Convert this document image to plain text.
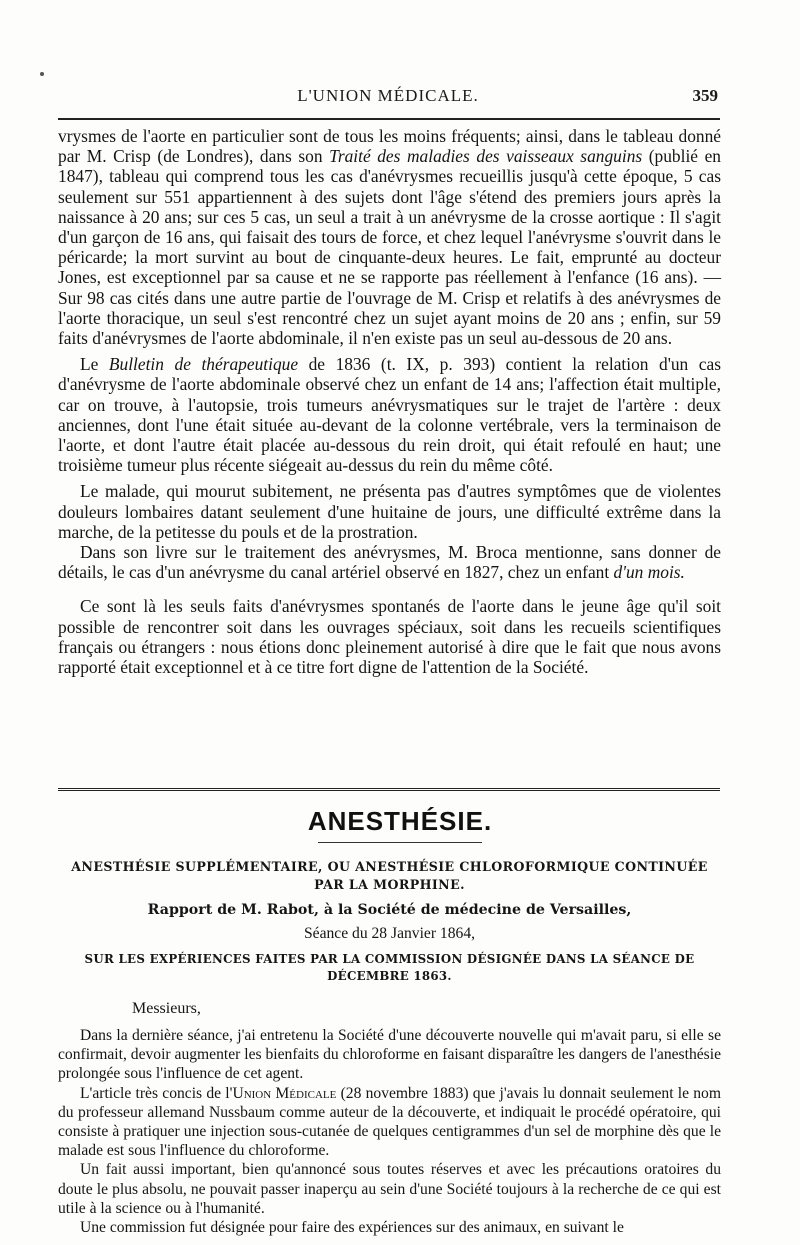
L'UNION MÉDICALE.	359

vrysmes de l'aorte en particulier sont de tous les moins fréquents; ainsi, dans le tableau donné par M. Crisp (de Londres), dans son Traité des maladies des vaisseaux sanguins (publié en 1847), tableau qui comprend tous les cas d'anévrysmes recueillis jusqu'à cette époque, 5 cas seulement sur 551 appartiennent à des sujets dont l'âge s'étend des premiers jours après la naissance à 20 ans; sur ces 5 cas, un seul a trait à un anévrysme de la crosse aortique : Il s'agit d'un garçon de 16 ans, qui faisait des tours de force, et chez lequel l'anévrysme s'ouvrit dans le péricarde; la mort survint au bout de cinquante-deux heures. Le fait, emprunté au docteur Jones, est exceptionnel par sa cause et ne se rapporte pas réellement à l'enfance (16 ans). — Sur 98 cas cités dans une autre partie de l'ouvrage de M. Crisp et relatifs à des anévrysmes de l'aorte thoracique, un seul s'est rencontré chez un sujet ayant moins de 20 ans ; enfin, sur 59 faits d'anévrysmes de l'aorte abdominale, il n'en existe pas un seul au-dessous de 20 ans.

Le Bulletin de thérapeutique de 1836 (t. IX, p. 393) contient la relation d'un cas d'anévrysme de l'aorte abdominale observé chez un enfant de 14 ans; l'affection était multiple, car on trouve, à l'autopsie, trois tumeurs anévrysmatiques sur le trajet de l'artère : deux anciennes, dont l'une était située au-devant de la colonne vertébrale, vers la terminaison de l'aorte, et dont l'autre était placée au-dessous du rein droit, qui était refoulé en haut; une troisième tumeur plus récente siégeait au-dessus du rein du même côté.

Le malade, qui mourut subitement, ne présenta pas d'autres symptômes que de violentes douleurs lombaires datant seulement d'une huitaine de jours, une difficulté extrême dans la marche, de la petitesse du pouls et de la prostration.

Dans son livre sur le traitement des anévrysmes, M. Broca mentionne, sans donner de détails, le cas d'un anévrysme du canal artériel observé en 1827, chez un enfant d'un mois.

Ce sont là les seuls faits d'anévrysmes spontanés de l'aorte dans le jeune âge qu'il soit possible de rencontrer soit dans les ouvrages spéciaux, soit dans les recueils scientifiques français ou étrangers : nous étions donc pleinement autorisé à dire que le fait que nous avons rapporté était exceptionnel et à ce titre fort digne de l'attention de la Société.

ANESTHÉSIE.

ANESTHÉSIE SUPPLÉMENTAIRE, OU ANESTHÉSIE CHLOROFORMIQUE CONTINUÉE PAR LA MORPHINE.

Rapport de M. Rabot, à la Société de médecine de Versailles,

Séance du 28 Janvier 1864,

SUR LES EXPÉRIENCES FAITES PAR LA COMMISSION DÉSIGNÉE DANS LA SÉANCE DE DÉCEMBRE 1863.

Messieurs,

Dans la dernière séance, j'ai entretenu la Société d'une découverte nouvelle qui m'avait paru, si elle se confirmait, devoir augmenter les bienfaits du chloroforme en faisant disparaître les dangers de l'anesthésie prolongée sous l'influence de cet agent.

L'article très concis de l'Union Médicale (28 novembre 1883) que j'avais lu donnait seulement le nom du professeur allemand Nussbaum comme auteur de la découverte, et indiquait le procédé opératoire, qui consiste à pratiquer une injection sous-cutanée de quelques centigrammes d'un sel de morphine dès que le malade est sous l'influence du chloroforme.

Un fait aussi important, bien qu'annoncé sous toutes réserves et avec les précautions oratoires du doute le plus absolu, ne pouvait passer inaperçu au sein d'une Société toujours à la recherche de ce qui est utile à la science ou à l'humanité.

Une commission fut désignée pour faire des expériences sur des animaux, en suivant le
